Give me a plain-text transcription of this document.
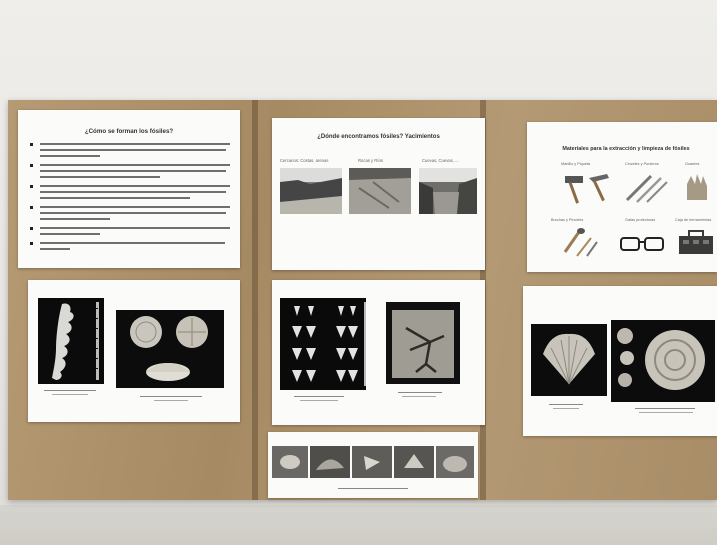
¿Cómo se forman los fósiles?
¿Dónde encontramos fósiles? Yacimientos
Cercanos: Costas, arenas	Rocas y Ríos	Cuevas, Cuevas, ...
Materiales para la extracción y limpieza de fósiles
Martillo y Piqueta	Cinceles y Punteros	Guantes
Brochas y Pinceles	Gafas protectoras	Caja de herramientas
